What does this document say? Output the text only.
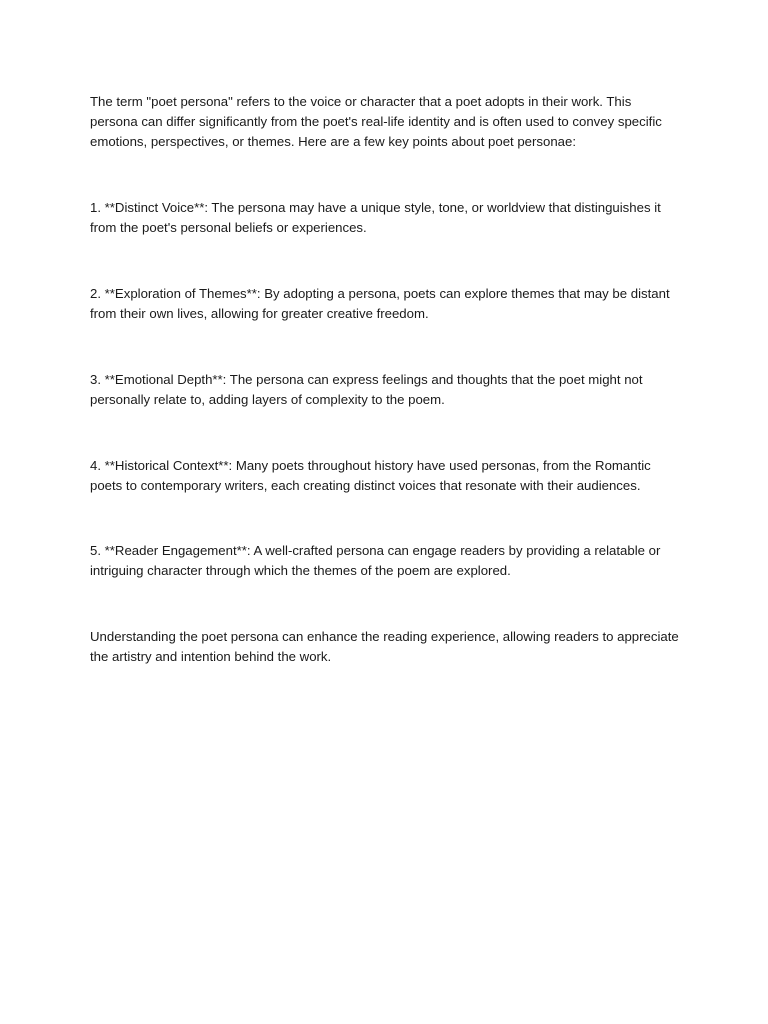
The term "poet persona" refers to the voice or character that a poet adopts in their work. This persona can differ significantly from the poet's real-life identity and is often used to convey specific emotions, perspectives, or themes. Here are a few key points about poet personae:

1. **Distinct Voice**: The persona may have a unique style, tone, or worldview that distinguishes it from the poet's personal beliefs or experiences.

2. **Exploration of Themes**: By adopting a persona, poets can explore themes that may be distant from their own lives, allowing for greater creative freedom.

3. **Emotional Depth**: The persona can express feelings and thoughts that the poet might not personally relate to, adding layers of complexity to the poem.

4. **Historical Context**: Many poets throughout history have used personas, from the Romantic poets to contemporary writers, each creating distinct voices that resonate with their audiences.

5. **Reader Engagement**: A well-crafted persona can engage readers by providing a relatable or intriguing character through which the themes of the poem are explored.

Understanding the poet persona can enhance the reading experience, allowing readers to appreciate the artistry and intention behind the work.
